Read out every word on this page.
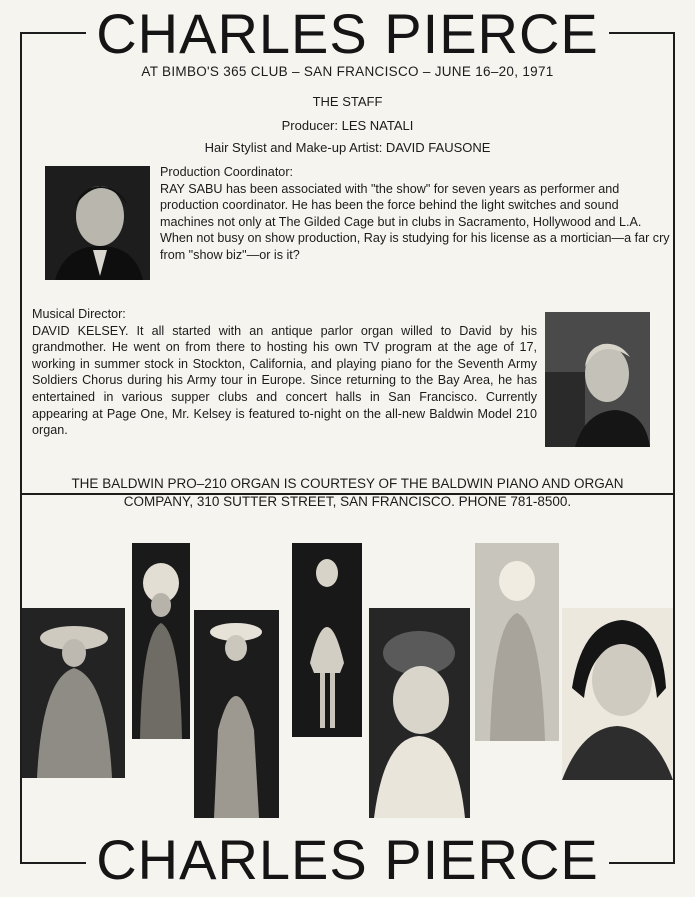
CHARLES PIERCE
AT BIMBO'S 365 CLUB – SAN FRANCISCO – JUNE 16–20, 1971
THE STAFF
Producer: LES NATALI
Hair Stylist and Make-up Artist: DAVID FAUSONE

Production Coordinator:

RAY SABU has been associated with "the show" for seven years as performer and production coordinator. He has been the force behind the light switches and sound machines not only at The Gilded Cage but in clubs in Sacramento, Hollywood and L.A. When not busy on show production, Ray is studying for his license as a mortician—a far cry from "show biz"—or is it?

Musical Director:

DAVID KELSEY. It all started with an antique parlor organ willed to David by his grandmother. He went on from there to hosting his own TV program at the age of 17, working in summer stock in Stockton, California, and playing piano for the Seventh Army Soldiers Chorus during his Army tour in Europe. Since returning to the Bay Area, he has entertained in various supper clubs and concert halls in San Francisco. Currently appearing at Page One, Mr. Kelsey is featured to-night on the all-new Baldwin Model 210 organ.

THE BALDWIN PRO–210 ORGAN IS COURTESY OF THE BALDWIN PIANO AND ORGAN COMPANY, 310 SUTTER STREET, SAN FRANCISCO. PHONE 781-8500.
CHARLES PIERCE
